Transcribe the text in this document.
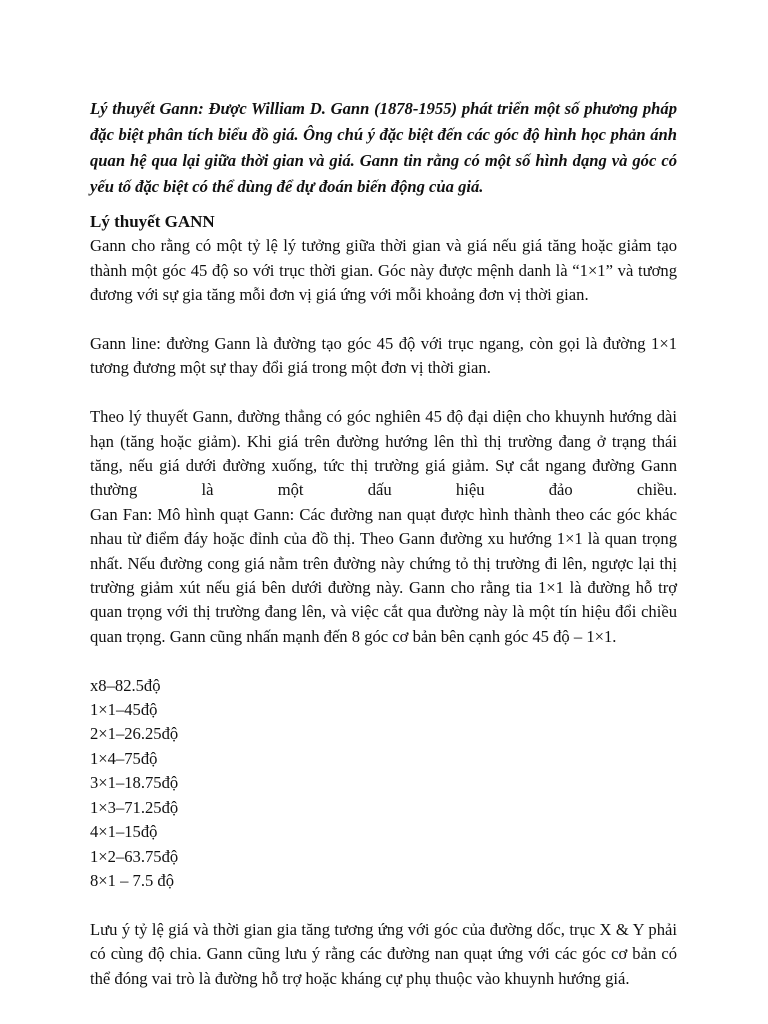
Lý thuyết Gann: Được William D. Gann (1878-1955) phát triển một số phương pháp đặc biệt phân tích biểu đồ giá. Ông chú ý đặc biệt đến các góc độ hình học phản ánh quan hệ qua lại giữa thời gian và giá. Gann tin rằng có một số hình dạng và góc có yếu tố đặc biệt có thể dùng để dự đoán biến động của giá.

Lý thuyết GANN

Gann cho rằng có một tỷ lệ lý tưởng giữa thời gian và giá nếu giá tăng hoặc giảm tạo thành một góc 45 độ so với trục thời gian. Góc này được mệnh danh là “1×1” và tương đương với sự gia tăng mỗi đơn vị giá ứng với mỗi khoảng đơn vị thời gian.

Gann line: đường Gann là đường tạo góc 45 độ với trục ngang, còn gọi là đường 1×1 tương đương một sự thay đổi giá trong một đơn vị thời gian.

Theo lý thuyết Gann, đường thẳng có góc nghiên 45 độ đại diện cho khuynh hướng dài hạn (tăng hoặc giảm). Khi giá trên đường hướng lên thì thị trường đang ở trạng thái tăng, nếu giá dưới đường xuống, tức thị trường giá giảm. Sự cắt ngang đường Gann thường là một dấu hiệu đảo chiều.

Gan Fan: Mô hình quạt Gann: Các đường nan quạt được hình thành theo các góc khác nhau từ điểm đáy hoặc đỉnh của đồ thị. Theo Gann đường xu hướng 1×1 là quan trọng nhất. Nếu đường cong giá nằm trên đường này chứng tỏ thị trường đi lên, ngược lại thị trường giảm xút nếu giá bên dưới đường này. Gann cho rằng tia 1×1 là đường hỗ trợ quan trọng với thị trường đang lên, và việc cắt qua đường này là một tín hiệu đổi chiều quan trọng. Gann cũng nhấn mạnh đến 8 góc cơ bản bên cạnh góc 45 độ – 1×1.

x8–82.5độ
1×1–45độ
2×1–26.25độ
1×4–75độ
3×1–18.75độ
1×3–71.25độ
4×1–15độ
1×2–63.75độ
8×1 – 7.5 độ

Lưu ý tỷ lệ giá và thời gian gia tăng tương ứng với góc của đường dốc, trục X & Y phải có cùng độ chia. Gann cũng lưu ý rằng các đường nan quạt ứng với các góc cơ bản có thể đóng vai trò là đường hỗ trợ hoặc kháng cự phụ thuộc vào khuynh hướng giá.
